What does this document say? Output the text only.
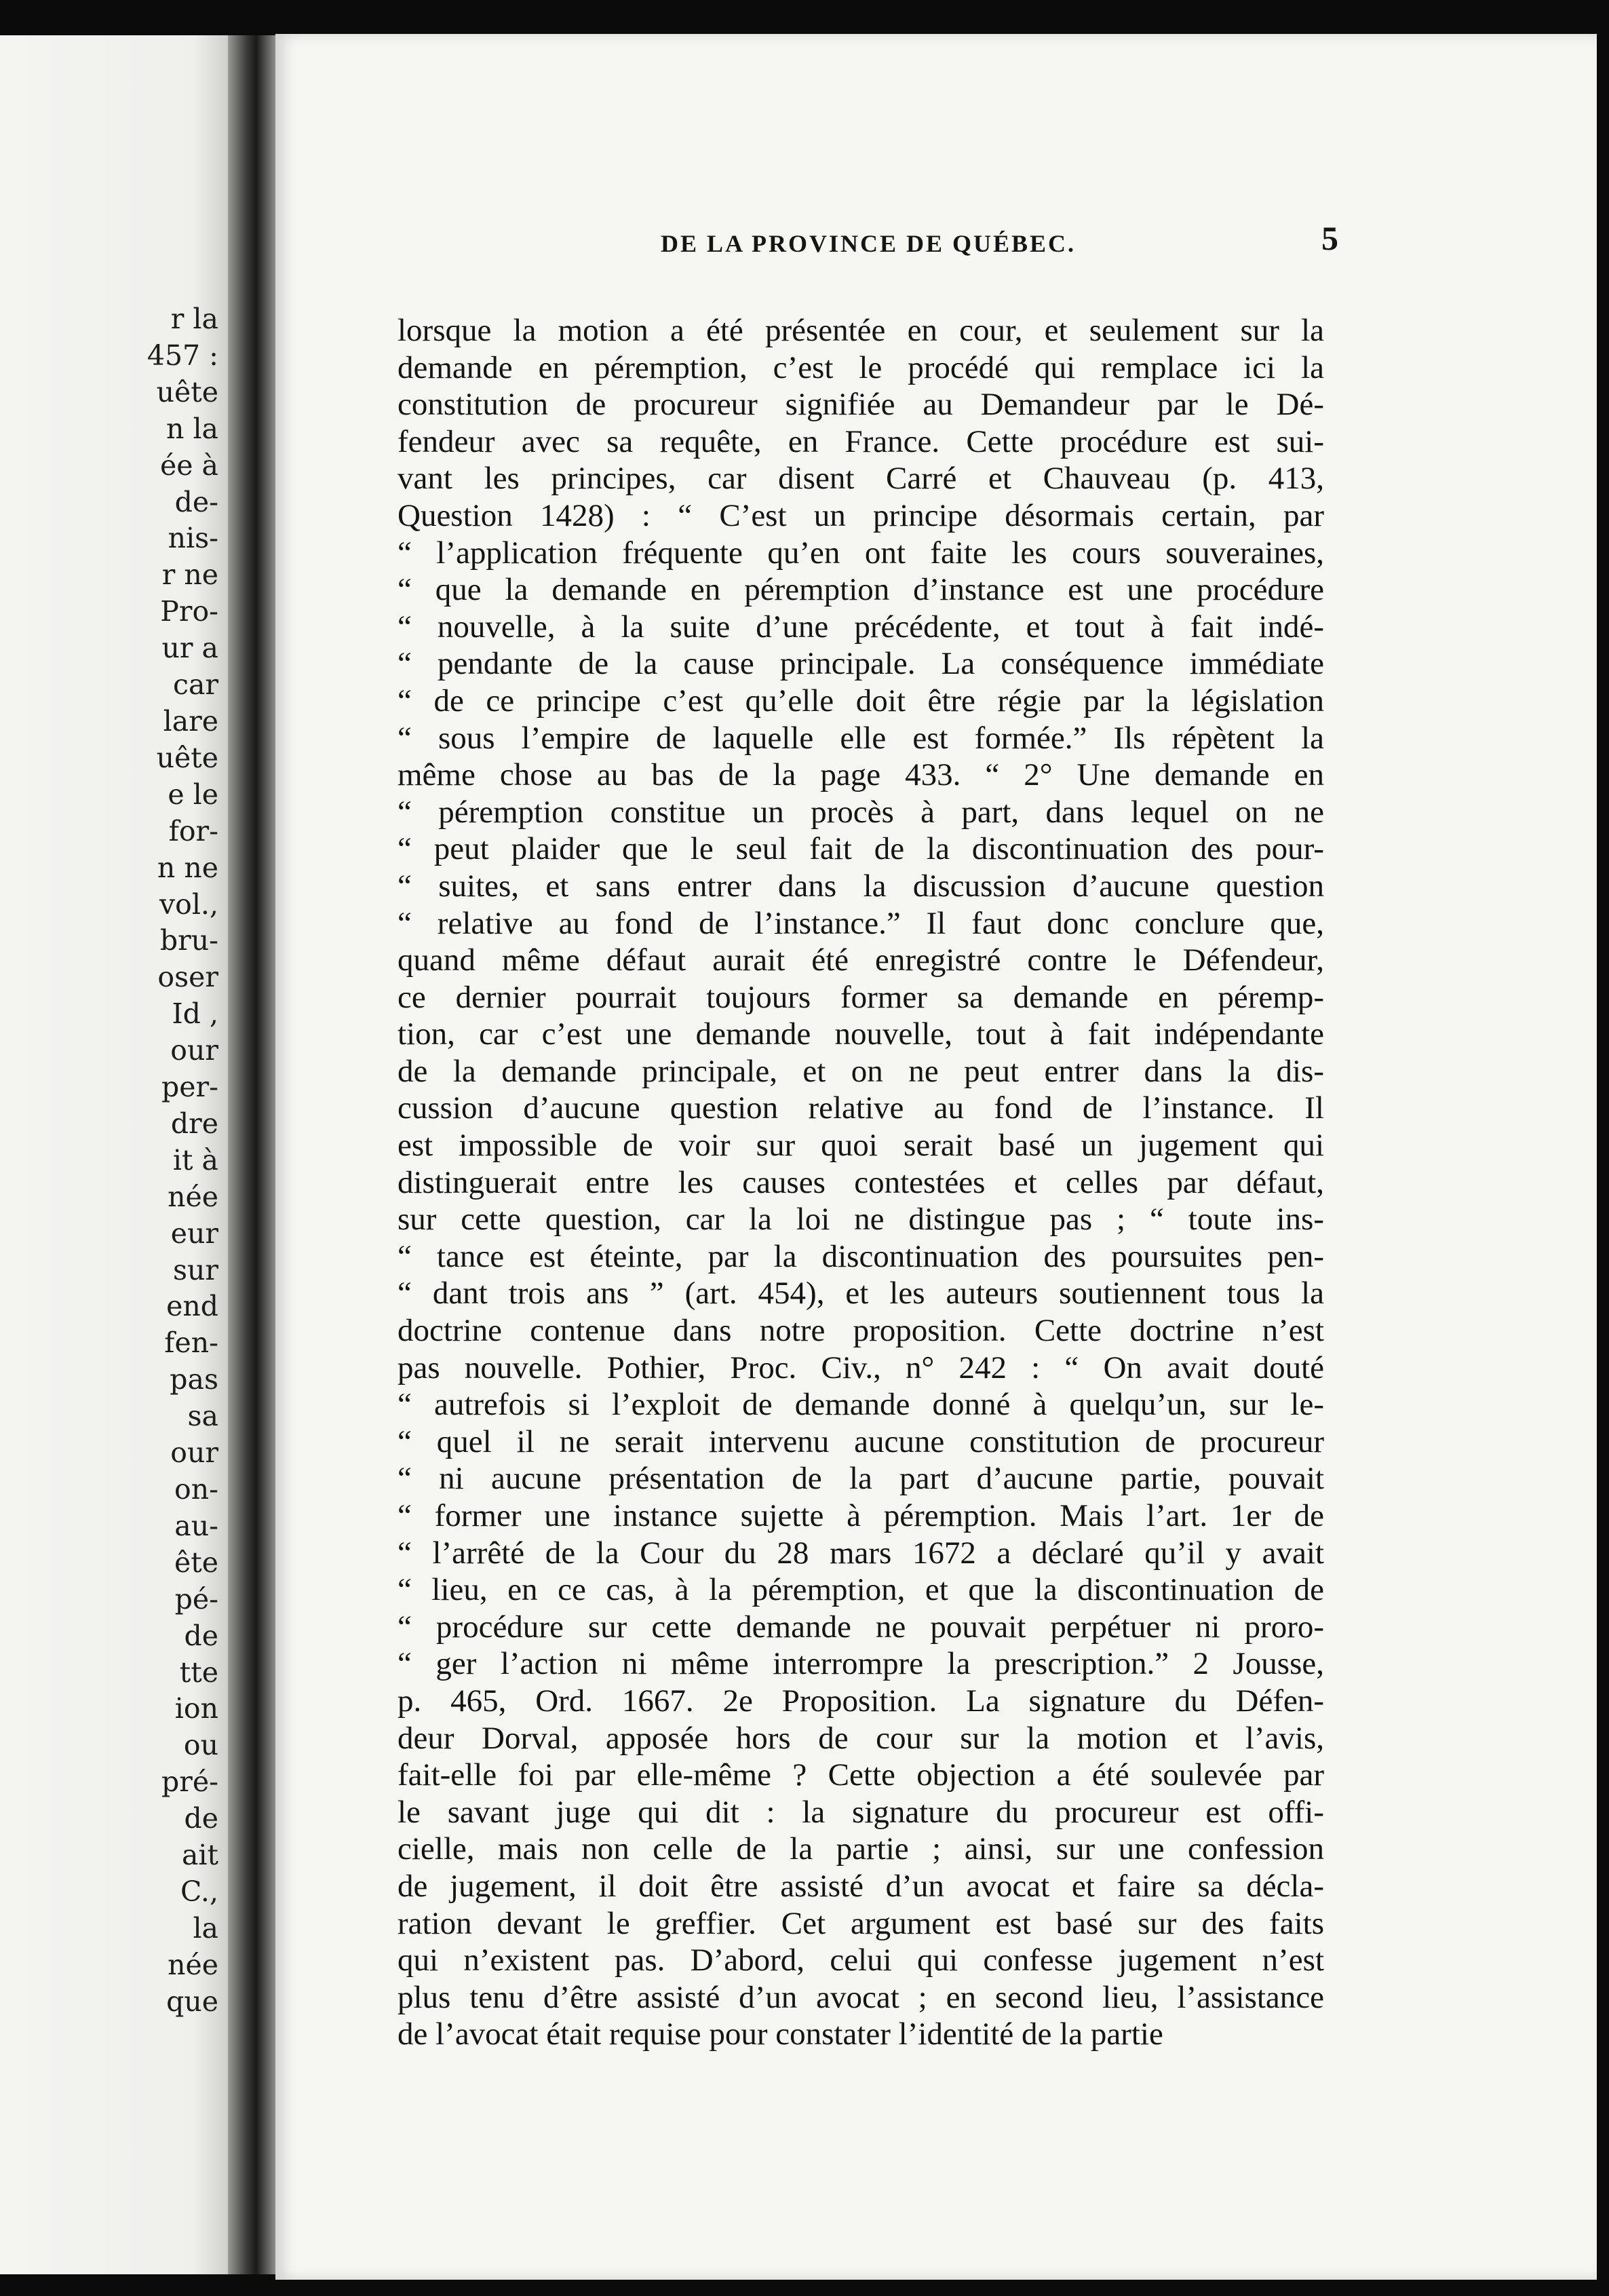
r la
457 :
uête
n la
ée à
de-
nis-
r ne
Pro-
ur a
car
lare
uête
e le
for-
n ne
vol.,
bru-
oser
Id ,
our
per-
dre
it à
née
eur
sur
end
fen-
pas
sa
our
on-
au-
ête
pé-
de
tte
ion
ou
pré-
de
ait
C.,
la
née
que
DE LA PROVINCE DE QUÉBEC.	5
lorsque la motion a été présentée en cour, et seulement sur la
demande en péremption, c’est le procédé qui remplace ici la
constitution de procureur signifiée au Demandeur par le Dé-
fendeur avec sa requête, en France. Cette procédure est sui-
vant les principes, car disent Carré et Chauveau (p. 413,
Question 1428) : “ C’est un principe désormais certain, par
“ l’application fréquente qu’en ont faite les cours souveraines,
“ que la demande en péremption d’instance est une procédure
“ nouvelle, à la suite d’une précédente, et tout à fait indé-
“ pendante de la cause principale. La conséquence immédiate
“ de ce principe c’est qu’elle doit être régie par la législation
“ sous l’empire de laquelle elle est formée.” Ils répètent la
même chose au bas de la page 433. “ 2° Une demande en
“ péremption constitue un procès à part, dans lequel on ne
“ peut plaider que le seul fait de la discontinuation des pour-
“ suites, et sans entrer dans la discussion d’aucune question
“ relative au fond de l’instance.” Il faut donc conclure que,
quand même défaut aurait été enregistré contre le Défendeur,
ce dernier pourrait toujours former sa demande en péremp-
tion, car c’est une demande nouvelle, tout à fait indépendante
de la demande principale, et on ne peut entrer dans la dis-
cussion d’aucune question relative au fond de l’instance. Il
est impossible de voir sur quoi serait basé un jugement qui
distinguerait entre les causes contestées et celles par défaut,
sur cette question, car la loi ne distingue pas ; “ toute ins-
“ tance est éteinte, par la discontinuation des poursuites pen-
“ dant trois ans ” (art. 454), et les auteurs soutiennent tous la
doctrine contenue dans notre proposition. Cette doctrine n’est
pas nouvelle. Pothier, Proc. Civ., n° 242 : “ On avait douté
“ autrefois si l’exploit de demande donné à quelqu’un, sur le-
“ quel il ne serait intervenu aucune constitution de procureur
“ ni aucune présentation de la part d’aucune partie, pouvait
“ former une instance sujette à péremption. Mais l’art. 1er de
“ l’arrêté de la Cour du 28 mars 1672 a déclaré qu’il y avait
“ lieu, en ce cas, à la péremption, et que la discontinuation de
“ procédure sur cette demande ne pouvait perpétuer ni proro-
“ ger l’action ni même interrompre la prescription.” 2 Jousse,
p. 465, Ord. 1667. 2e Proposition. La signature du Défen-
deur Dorval, apposée hors de cour sur la motion et l’avis,
fait-elle foi par elle-même ? Cette objection a été soulevée par
le savant juge qui dit : la signature du procureur est offi-
cielle, mais non celle de la partie ; ainsi, sur une confession
de jugement, il doit être assisté d’un avocat et faire sa décla-
ration devant le greffier. Cet argument est basé sur des faits
qui n’existent pas. D’abord, celui qui confesse jugement n’est
plus tenu d’être assisté d’un avocat ; en second lieu, l’assistance
de l’avocat était requise pour constater l’identité de la partie
